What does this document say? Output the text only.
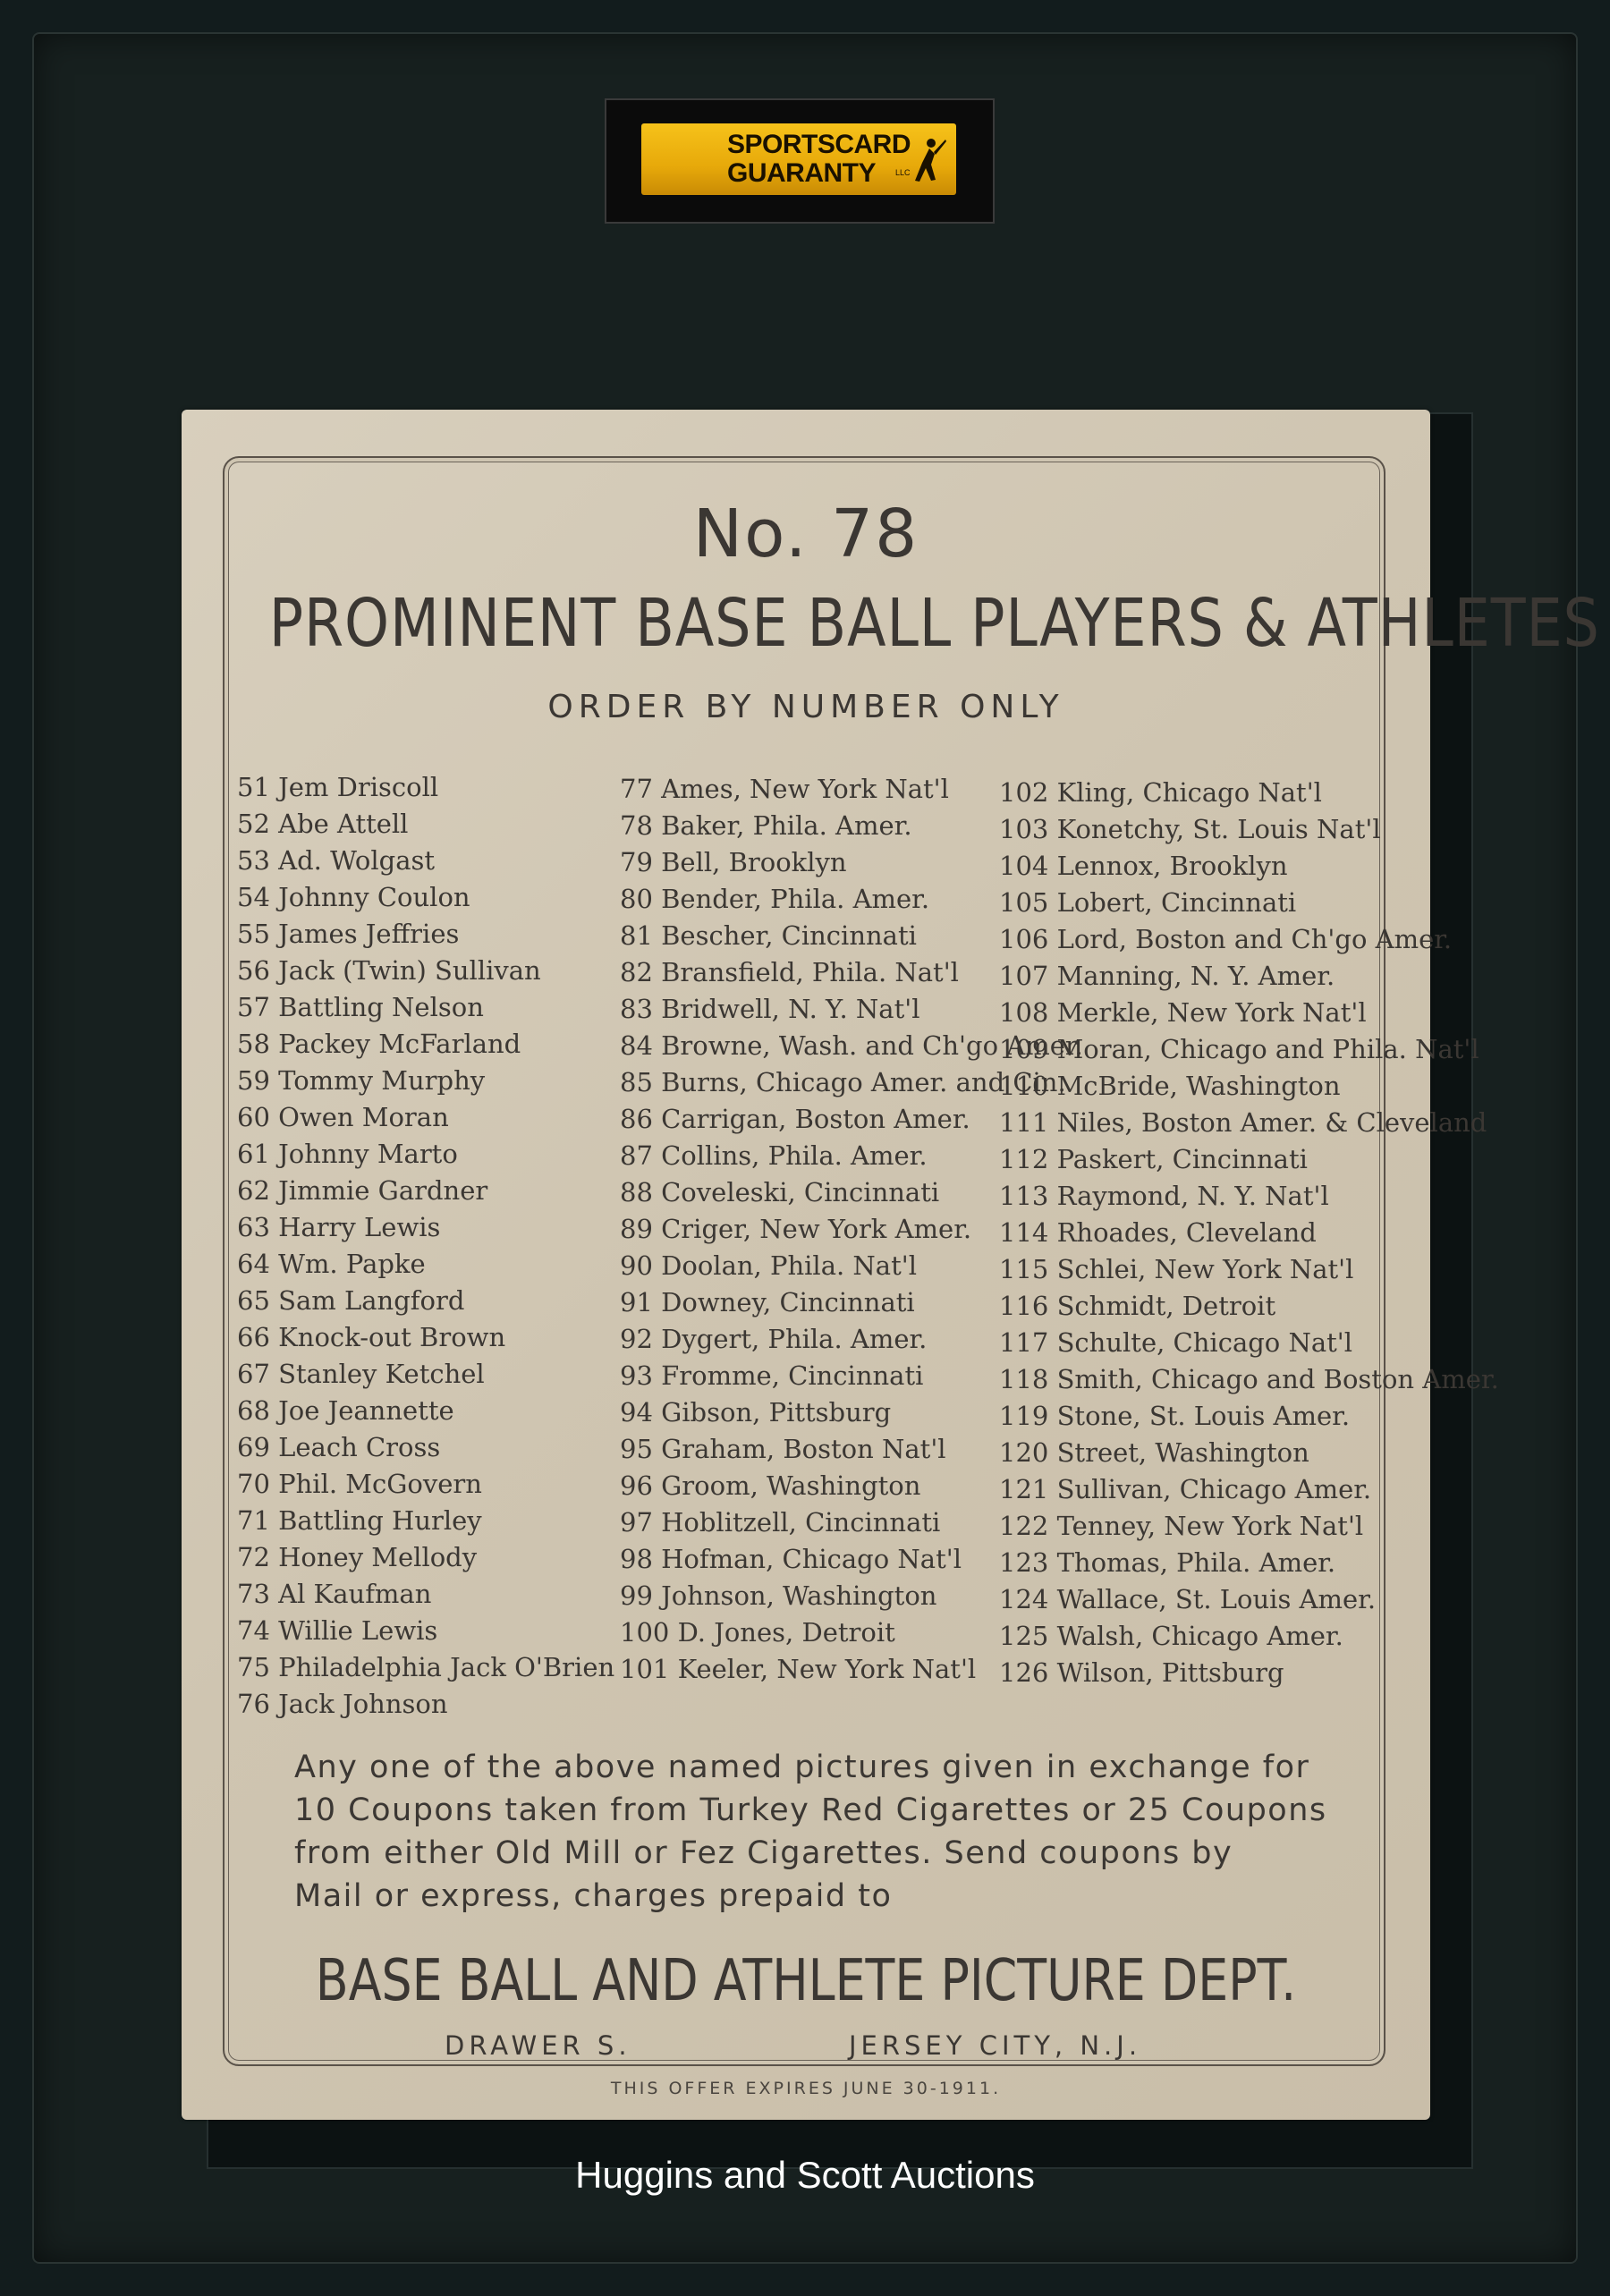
SPORTSCARD
GUARANTY	LLC
No. 78
PROMINENT BASE BALL PLAYERS & ATHLETES
ORDER BY NUMBER ONLY
51 Jem Driscoll
52 Abe Attell
53 Ad. Wolgast
54 Johnny Coulon
55 James Jeffries
56 Jack (Twin) Sullivan
57 Battling Nelson
58 Packey McFarland
59 Tommy Murphy
60 Owen Moran
61 Johnny Marto
62 Jimmie Gardner
63 Harry Lewis
64 Wm. Papke
65 Sam Langford
66 Knock-out Brown
67 Stanley Ketchel
68 Joe Jeannette
69 Leach Cross
70 Phil. McGovern
71 Battling Hurley
72 Honey Mellody
73 Al Kaufman
74 Willie Lewis
75 Philadelphia Jack O'Brien
76 Jack Johnson
77 Ames, New York Nat'l
78 Baker, Phila. Amer.
79 Bell, Brooklyn
80 Bender, Phila. Amer.
81 Bescher, Cincinnati
82 Bransfield, Phila. Nat'l
83 Bridwell, N. Y. Nat'l
84 Browne, Wash. and Ch'go Amer.
85 Burns, Chicago Amer. and Cin.
86 Carrigan, Boston Amer.
87 Collins, Phila. Amer.
88 Coveleski, Cincinnati
89 Criger, New York Amer.
90 Doolan, Phila. Nat'l
91 Downey, Cincinnati
92 Dygert, Phila. Amer.
93 Fromme, Cincinnati
94 Gibson, Pittsburg
95 Graham, Boston Nat'l
96 Groom, Washington
97 Hoblitzell, Cincinnati
98 Hofman, Chicago Nat'l
99 Johnson, Washington
100 D. Jones, Detroit
101 Keeler, New York Nat'l
102 Kling, Chicago Nat'l
103 Konetchy, St. Louis Nat'l
104 Lennox, Brooklyn
105 Lobert, Cincinnati
106 Lord, Boston and Ch'go Amer.
107 Manning, N. Y. Amer.
108 Merkle, New York Nat'l
109 Moran, Chicago and Phila. Nat'l
110 McBride, Washington
111 Niles, Boston Amer. & Cleveland
112 Paskert, Cincinnati
113 Raymond, N. Y. Nat'l
114 Rhoades, Cleveland
115 Schlei, New York Nat'l
116 Schmidt, Detroit
117 Schulte, Chicago Nat'l
118 Smith, Chicago and Boston Amer.
119 Stone, St. Louis Amer.
120 Street, Washington
121 Sullivan, Chicago Amer.
122 Tenney, New York Nat'l
123 Thomas, Phila. Amer.
124 Wallace, St. Louis Amer.
125 Walsh, Chicago Amer.
126 Wilson, Pittsburg
Any one of the above named pictures given in exchange for
10 Coupons taken from Turkey Red Cigarettes or 25 Coupons
from either Old Mill or Fez Cigarettes. Send coupons by
Mail or express, charges prepaid to
BASE BALL AND ATHLETE PICTURE DEPT.
DRAWER S.	JERSEY CITY, N.J.
THIS OFFER EXPIRES JUNE 30-1911.
Huggins and Scott Auctions
